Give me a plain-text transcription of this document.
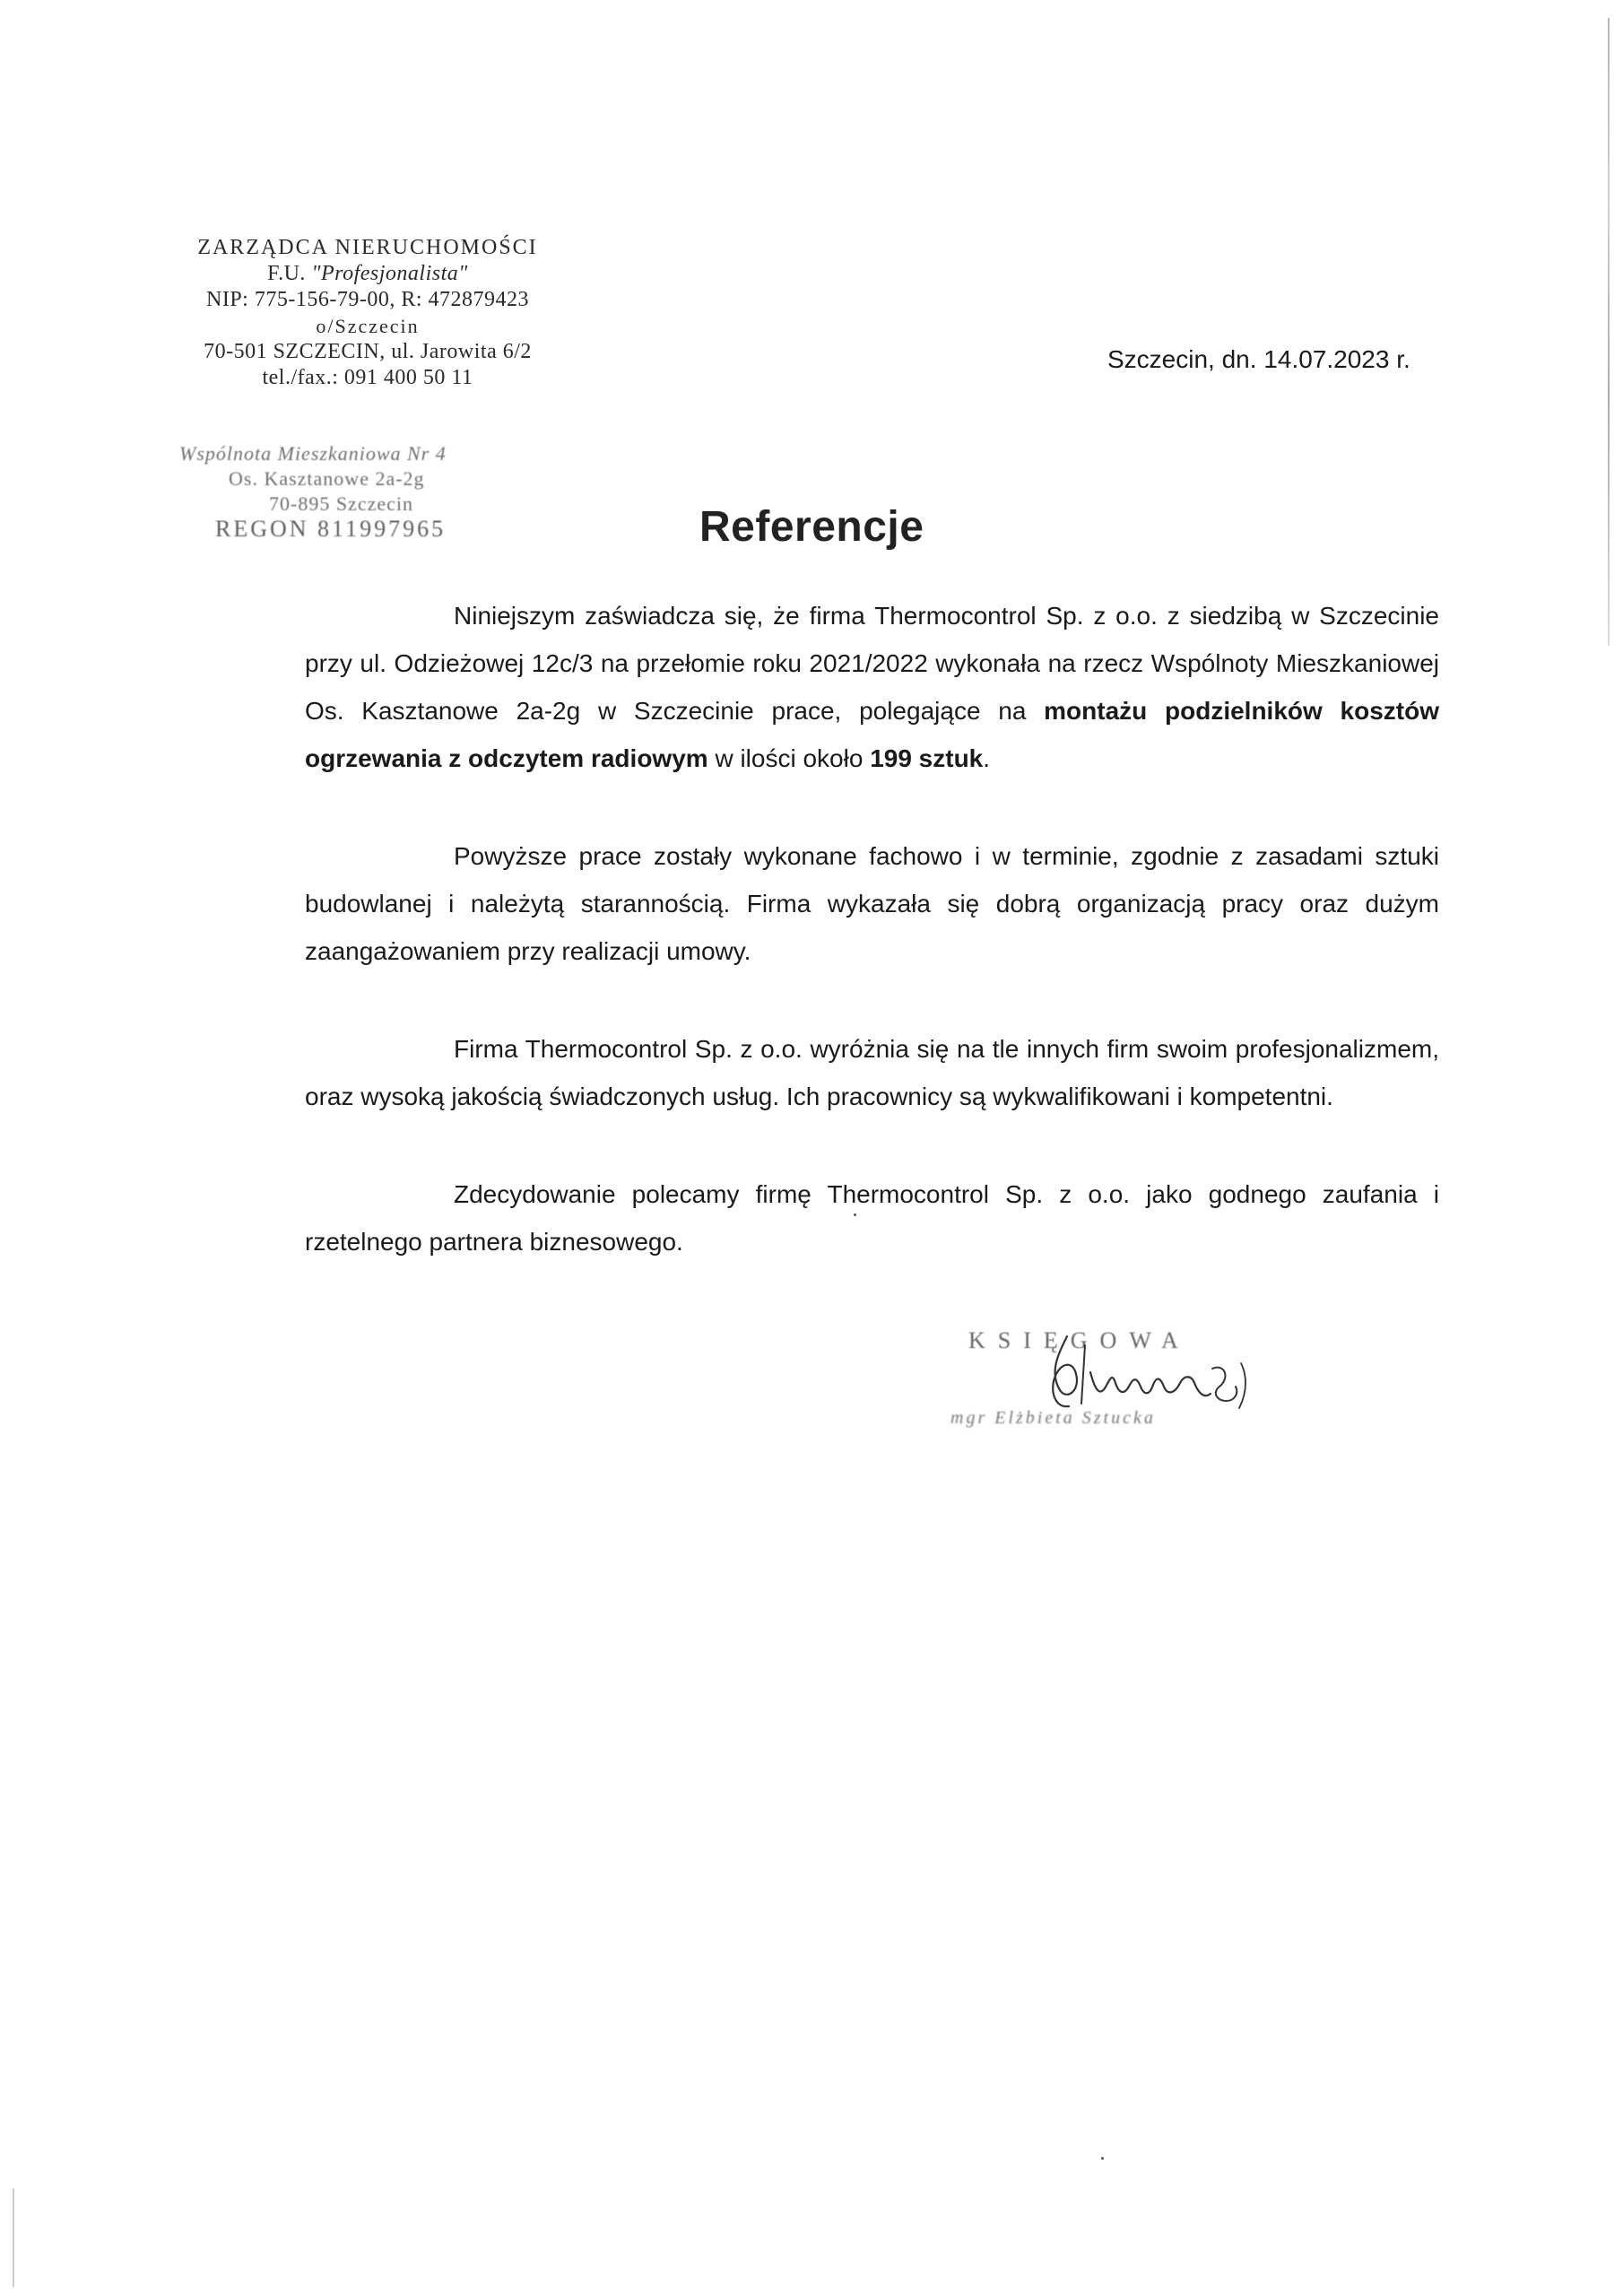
ZARZĄDCA NIERUCHOMOŚCI
F.U. "Profesjonalista"
NIP: 775-156-79-00, R: 472879423
o/Szczecin
70-501 SZCZECIN, ul. Jarowita 6/2
tel./fax.: 091 400 50 11
Wspólnota Mieszkaniowa Nr 4
Os. Kasztanowe 2a-2g
70-895 Szczecin
REGON 811997965
Szczecin, dn. 14.07.2023 r.
Referencje

Niniejszym zaświadcza się, że firma Thermocontrol Sp. z o.o. z siedzibą w Szczecinie przy ul. Odzieżowej 12c/3 na przełomie roku 2021/2022 wykonała na rzecz Wspólnoty Mieszkaniowej Os. Kasztanowe 2a-2g w Szczecinie prace, polegające na montażu podzielników kosztów ogrzewania z odczytem radiowym w ilości około 199 sztuk.

Powyższe prace zostały wykonane fachowo i w terminie, zgodnie z zasadami sztuki budowlanej i należytą starannością. Firma wykazała się dobrą organizacją pracy oraz dużym zaangażowaniem przy realizacji umowy.

Firma Thermocontrol Sp. z o.o. wyróżnia się na tle innych firm swoim profesjonalizmem, oraz wysoką jakością świadczonych usług. Ich pracownicy są wykwalifikowani i kompetentni.

Zdecydowanie polecamy firmę Thermocontrol Sp. z o.o. jako godnego zaufania i rzetelnego partnera biznesowego.

KSIĘGOWA
mgr Elżbieta Sztucka
